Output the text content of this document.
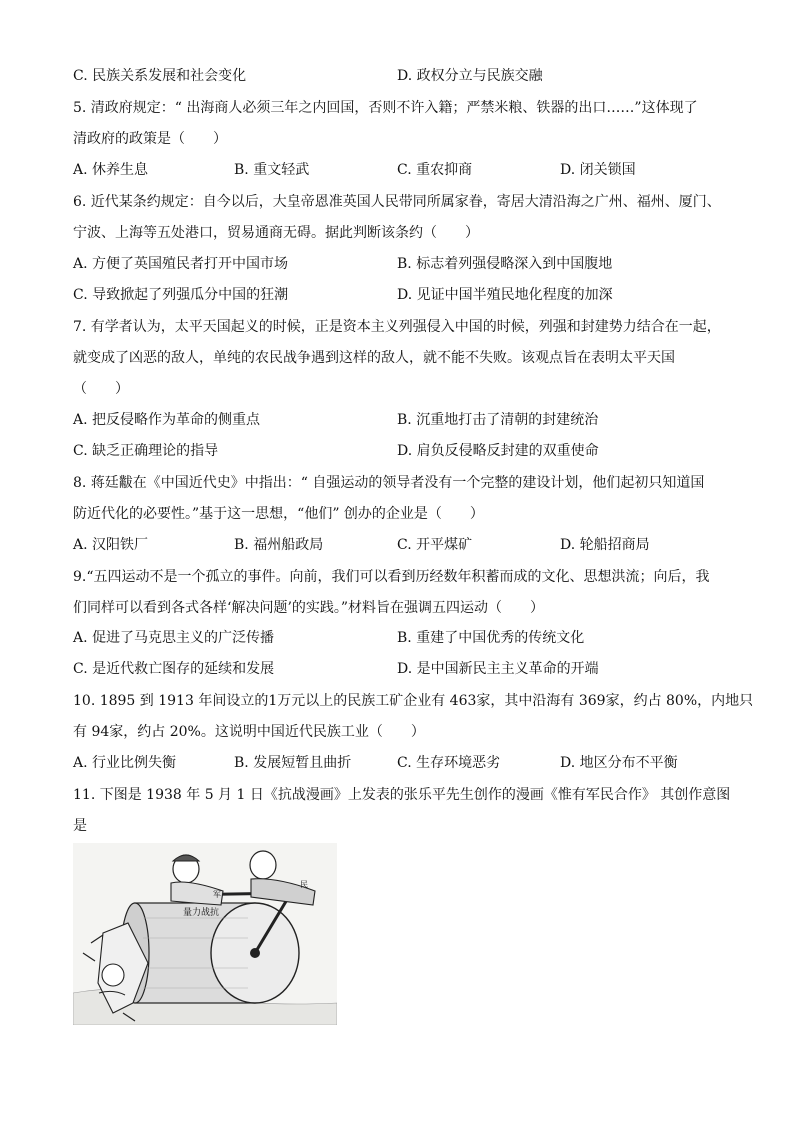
C. 民族关系发展和社会变化	D. 政权分立与民族交融
5. 清政府规定：“ 出海商人必须三年之内回国，否则不许入籍；严禁米粮、铁器的出口……”这体现了
清政府的政策是（　　）
A. 休养生息	B. 重文轻武	C. 重农抑商	D. 闭关锁国
6. 近代某条约规定：自今以后，大皇帝恩准英国人民带同所属家眷，寄居大清沿海之广州、福州、厦门、
宁波、上海等五处港口，贸易通商无碍。据此判断该条约（　　）
A. 方便了英国殖民者打开中国市场	B. 标志着列强侵略深入到中国腹地
C. 导致掀起了列强瓜分中国的狂潮	D. 见证中国半殖民地化程度的加深
7. 有学者认为，太平天国起义的时候，正是资本主义列强侵入中国的时候，列强和封建势力结合在一起，
就变成了凶恶的敌人，单纯的农民战争遇到这样的敌人，就不能不失败。该观点旨在表明太平天国
（　　）
A. 把反侵略作为革命的侧重点	B. 沉重地打击了清朝的封建统治
C. 缺乏正确理论的指导	D. 肩负反侵略反封建的双重使命
8. 蒋廷黻在《中国近代史》中指出：“ 自强运动的领导者没有一个完整的建设计划，他们起初只知道国
防近代化的必要性。”基于这一思想，“他们” 创办的企业是（　　）
A. 汉阳铁厂	B. 福州船政局	C. 开平煤矿	D. 轮船招商局
9.“五四运动不是一个孤立的事件。向前，我们可以看到历经数年积蓄而成的文化、思想洪流；向后，我
们同样可以看到各式各样‘解决问题’的实践。”材料旨在强调五四运动（　　）
A. 促进了马克思主义的广泛传播	B. 重建了中国优秀的传统文化
C. 是近代救亡图存的延续和发展	D. 是中国新民主主义革命的开端
10. 1895 到 1913 年间设立的1万元以上的民族工矿企业有 463家，其中沿海有 369家，约占 80%，内地只
有 94家，约占 20%。这说明中国近代民族工业（　　）
A. 行业比例失衡	B. 发展短暂且曲折	C. 生存环境恶劣	D. 地区分布不平衡
11. 下图是 1938 年 5 月 1 日《抗战漫画》上发表的张乐平先生创作的漫画《惟有军民合作》 其创作意图
是
量力战抗
军
民
